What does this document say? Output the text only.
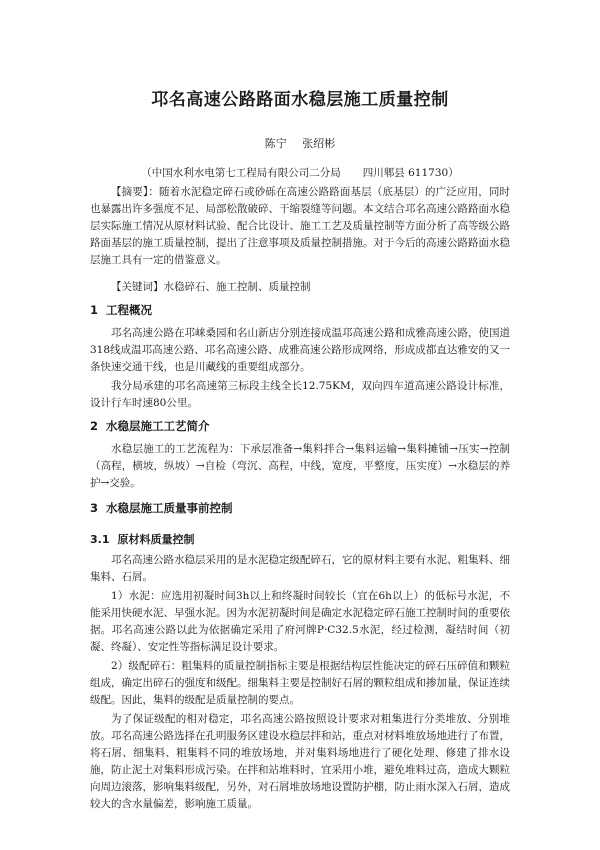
邛名高速公路路面水稳层施工质量控制
陈宁 张绍彬
（中国水利水电第七工程局有限公司二分局 四川郫县 611730）

【摘要】：随着水泥稳定碎石或砂砾在高速公路路面基层（底基层）的广泛应用，同时也暴露出许多强度不足、局部松散破碎、干缩裂缝等问题。本文结合邛名高速公路路面水稳层实际施工情况从原材料试验、配合比设计、施工工艺及质量控制等方面分析了高等级公路路面基层的施工质量控制，提出了注意事项及质量控制措施。对于今后的高速公路路面水稳层施工具有一定的借鉴意义。

【关键词】水稳碎石、施工控制、质量控制

1 工程概况

邛名高速公路在邛崃桑园和名山新店分别连接成温邛高速公路和成雅高速公路，使国道318线成温邛高速公路、邛名高速公路、成雅高速公路形成网络，形成成都直达雅安的又一条快速交通干线，也是川藏线的重要组成部分。

我分局承建的邛名高速第三标段主线全长12.75KM，双向四车道高速公路设计标准，设计行车时速80公里。

2 水稳层施工工艺简介

水稳层施工的工艺流程为：下承层准备→集料拌合→集料运输→集料摊铺→压实→控制（高程，横坡，纵坡）→自检（弯沉、高程，中线，宽度，平整度，压实度）→水稳层的养护→交验。

3 水稳层施工质量事前控制
3.1 原材料质量控制

邛名高速公路水稳层采用的是水泥稳定级配碎石，它的原材料主要有水泥、粗集料、细集料、石屑。

1）水泥：应选用初凝时间3h以上和终凝时间较长（宜在6h以上）的低标号水泥，不能采用快硬水泥、早强水泥。因为水泥初凝时间是确定水泥稳定碎石施工控制时间的重要依据。邛名高速公路以此为依据确定采用了府河牌P·C32.5水泥，经过检测，凝结时间（初凝、终凝）、安定性等指标满足设计要求。

2）级配碎石：粗集料的质量控制指标主要是根据结构层性能决定的碎石压碎值和颗粒组成，确定出碎石的强度和级配。细集料主要是控制好石屑的颗粒组成和掺加量，保证连续级配。因此，集料的级配是质量控制的要点。

为了保证级配的相对稳定，邛名高速公路按照设计要求对粗集进行分类堆放、分别堆放。邛名高速公路选择在孔明服务区建设水稳层拌和站，重点对材料堆放场地进行了布置，将石屑、细集料、粗集料不同的堆放场地，并对集料场地进行了硬化处理、修建了排水设施，防止泥土对集料形成污染。在拌和站堆料时，宜采用小堆，避免堆料过高，造成大颗粒向周边滚落，影响集料级配，另外，对石屑堆放场地设置防护棚，防止雨水深入石屑，造成较大的含水量偏差，影响施工质量。
